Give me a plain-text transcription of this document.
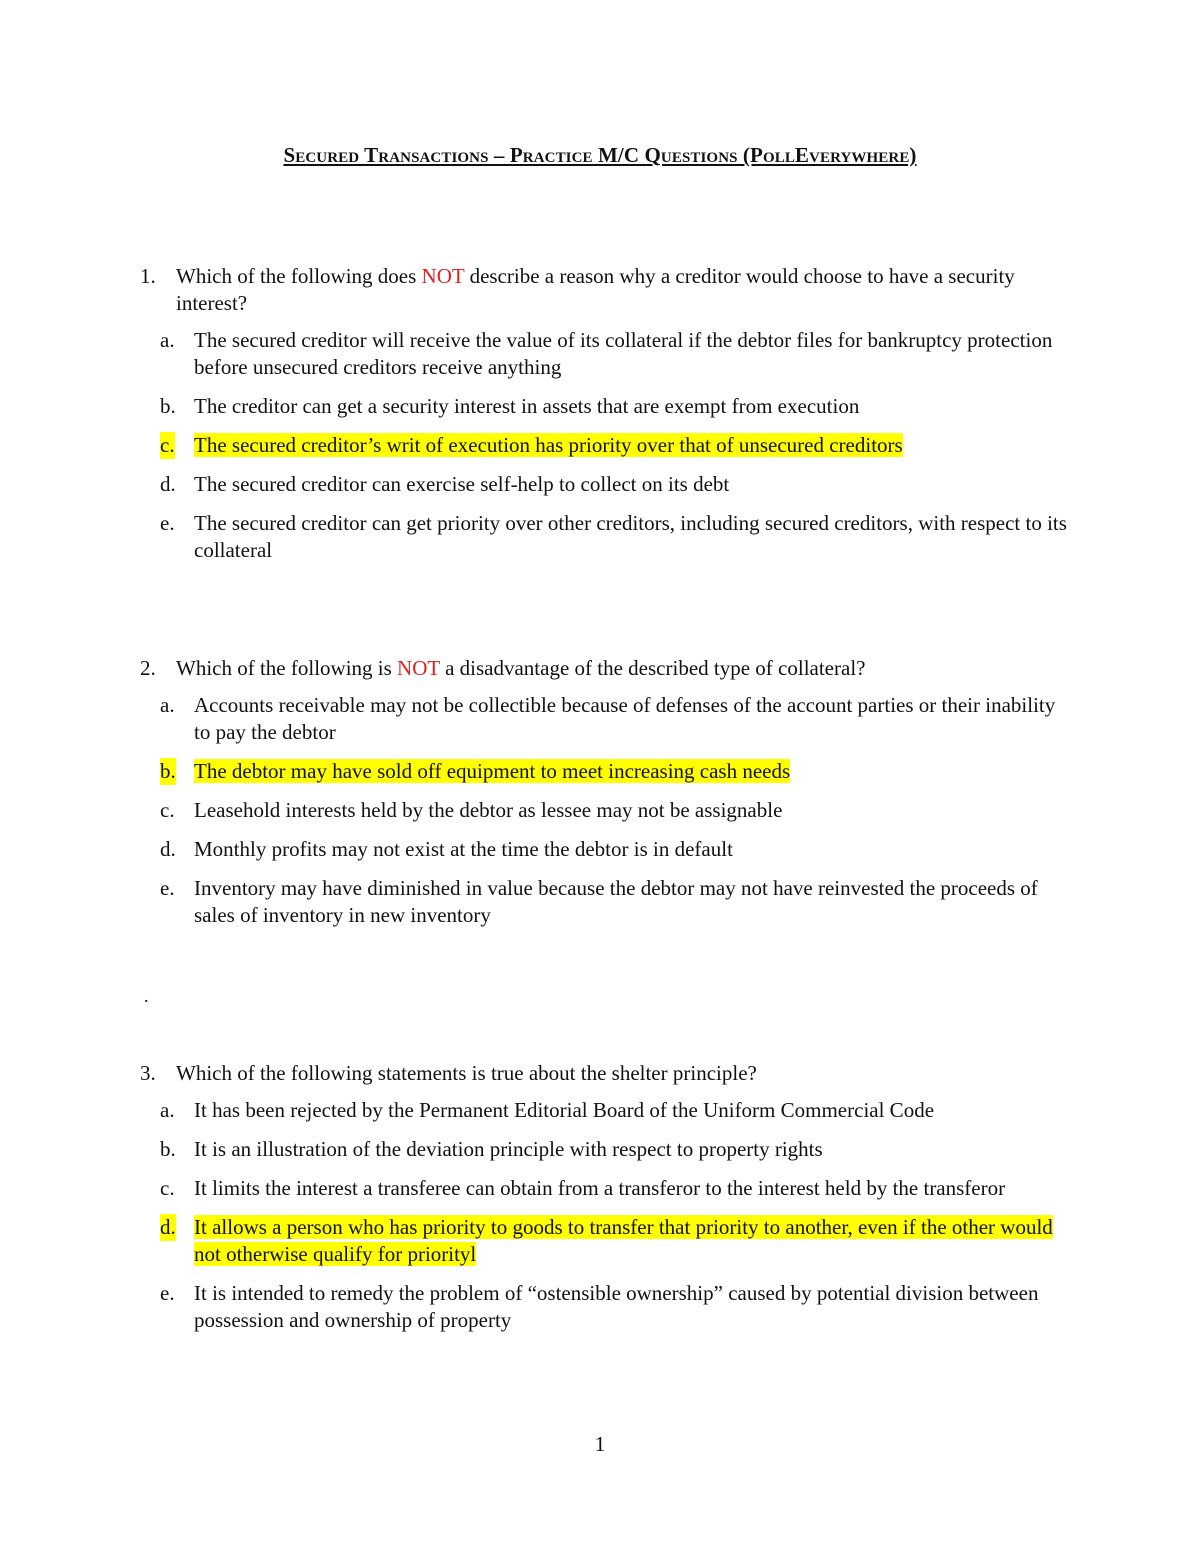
Secured Transactions – Practice M/C Questions (PollEverywhere)
1. Which of the following does NOT describe a reason why a creditor would choose to have a security interest?
a. The secured creditor will receive the value of its collateral if the debtor files for bankruptcy protection before unsecured creditors receive anything
b. The creditor can get a security interest in assets that are exempt from execution
c. The secured creditor’s writ of execution has priority over that of unsecured creditors
d. The secured creditor can exercise self-help to collect on its debt
e. The secured creditor can get priority over other creditors, including secured creditors, with respect to its collateral
2. Which of the following is NOT a disadvantage of the described type of collateral?
a. Accounts receivable may not be collectible because of defenses of the account parties or their inability to pay the debtor
b. The debtor may have sold off equipment to meet increasing cash needs
c. Leasehold interests held by the debtor as lessee may not be assignable
d. Monthly profits may not exist at the time the debtor is in default
e. Inventory may have diminished in value because the debtor may not have reinvested the proceeds of sales of inventory in new inventory
.
3. Which of the following statements is true about the shelter principle?
a. It has been rejected by the Permanent Editorial Board of the Uniform Commercial Code
b. It is an illustration of the deviation principle with respect to property rights
c. It limits the interest a transferee can obtain from a transferor to the interest held by the transferor
d. It allows a person who has priority to goods to transfer that priority to another, even if the other would not otherwise qualify for priorityl
e. It is intended to remedy the problem of “ostensible ownership” caused by potential division between possession and ownership of property
1
